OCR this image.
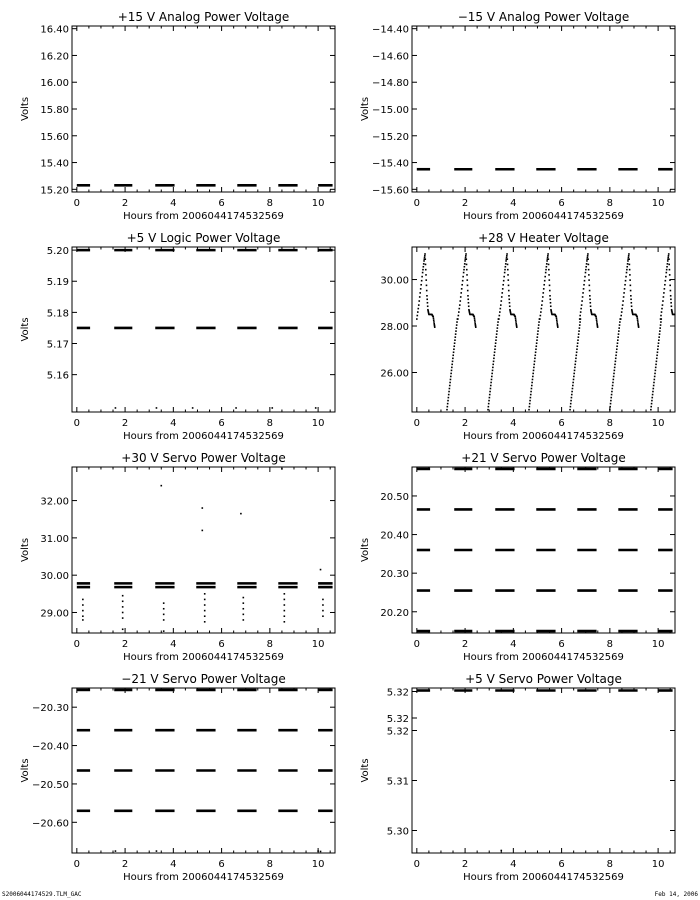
+15 V Analog Power Voltage
0	2	4	6	8	10
15.20
15.40
15.60
15.80
16.00
16.20
16.40
Hours from 2006044174532569
Volts
−15 V Analog Power Voltage
0	2	4	6	8	10
−15.60
−15.40
−15.20
−15.00
−14.80
−14.60
−14.40
Hours from 2006044174532569
Volts
+5 V Logic Power Voltage
0	2	4	6	8	10
5.16
5.17
5.18
5.19
5.20
Hours from 2006044174532569
Volts
+28 V Heater Voltage
0	2	4	6	8	10
26.00
28.00
30.00
Hours from 2006044174532569
+30 V Servo Power Voltage
0	2	4	6	8	10
29.00
30.00
31.00
32.00
Hours from 2006044174532569
Volts
+21 V Servo Power Voltage
0	2	4	6	8	10
20.20
20.30
20.40
20.50
Hours from 2006044174532569
Volts
−21 V Servo Power Voltage
0	2	4	6	8	10
−20.60
−20.50
−20.40
−20.30
Hours from 2006044174532569
Volts
+5 V Servo Power Voltage
0	2	4	6	8	10
5.30
5.31
5.32
5.32
5.32
Hours from 2006044174532569
Volts
S2006044174529.TLM_GAC	Feb 14, 2006
